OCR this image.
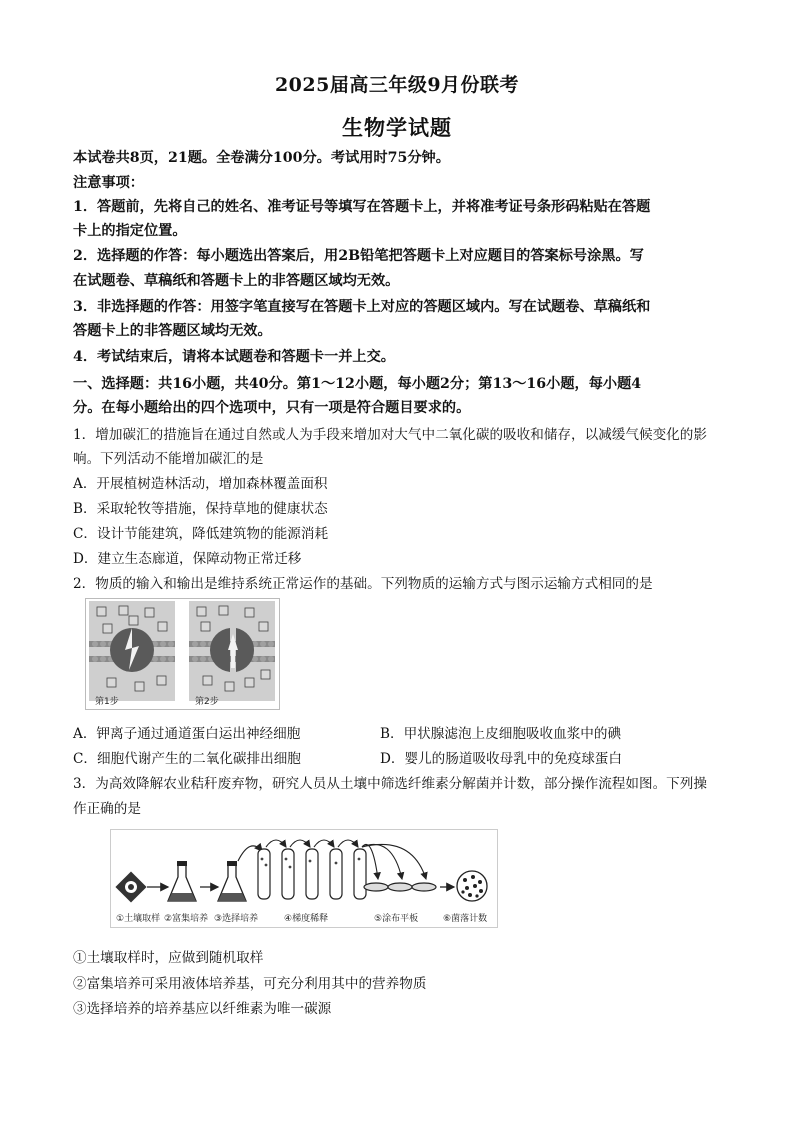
2025届高三年级9月份联考
生物学试题
本试卷共8页，21题。全卷满分100分。考试用时75分钟。
注意事项：
1．答题前，先将自己的姓名、准考证号等填写在答题卡上，并将准考证号条形码粘贴在答题
卡上的指定位置。
2．选择题的作答：每小题选出答案后，用2B铅笔把答题卡上对应题目的答案标号涂黑。写
在试题卷、草稿纸和答题卡上的非答题区域均无效。
3．非选择题的作答：用签字笔直接写在答题卡上对应的答题区域内。写在试题卷、草稿纸和
答题卡上的非答题区域均无效。
4．考试结束后，请将本试题卷和答题卡一并上交。
一、选择题：共16小题，共40分。第1～12小题，每小题2分；第13～16小题，每小题4
分。在每小题给出的四个选项中，只有一项是符合题目要求的。
1．增加碳汇的措施旨在通过自然或人为手段来增加对大气中二氧化碳的吸收和储存，以减缓气候变化的影
响。下列活动不能增加碳汇的是
A．开展植树造林活动，增加森林覆盖面积
B．采取轮牧等措施，保持草地的健康状态
C．设计节能建筑，降低建筑物的能源消耗
D．建立生态廊道，保障动物正常迁移
2．物质的输入和输出是维持系统正常运作的基础。下列物质的运输方式与图示运输方式相同的是
第1步	第2步
A．钾离子通过通道蛋白运出神经细胞	B．甲状腺滤泡上皮细胞吸收血浆中的碘
C．细胞代谢产生的二氧化碳排出细胞	D．婴儿的肠道吸收母乳中的免疫球蛋白
3．为高效降解农业秸秆废弃物，研究人员从土壤中筛选纤维素分解菌并计数，部分操作流程如图。下列操
作正确的是
①土壤取样 ②富集培养 ③选择培养	④梯度稀释	⑤涂布平板	⑥菌落计数
①土壤取样时，应做到随机取样
②富集培养可采用液体培养基，可充分利用其中的营养物质
③选择培养的培养基应以纤维素为唯一碳源
